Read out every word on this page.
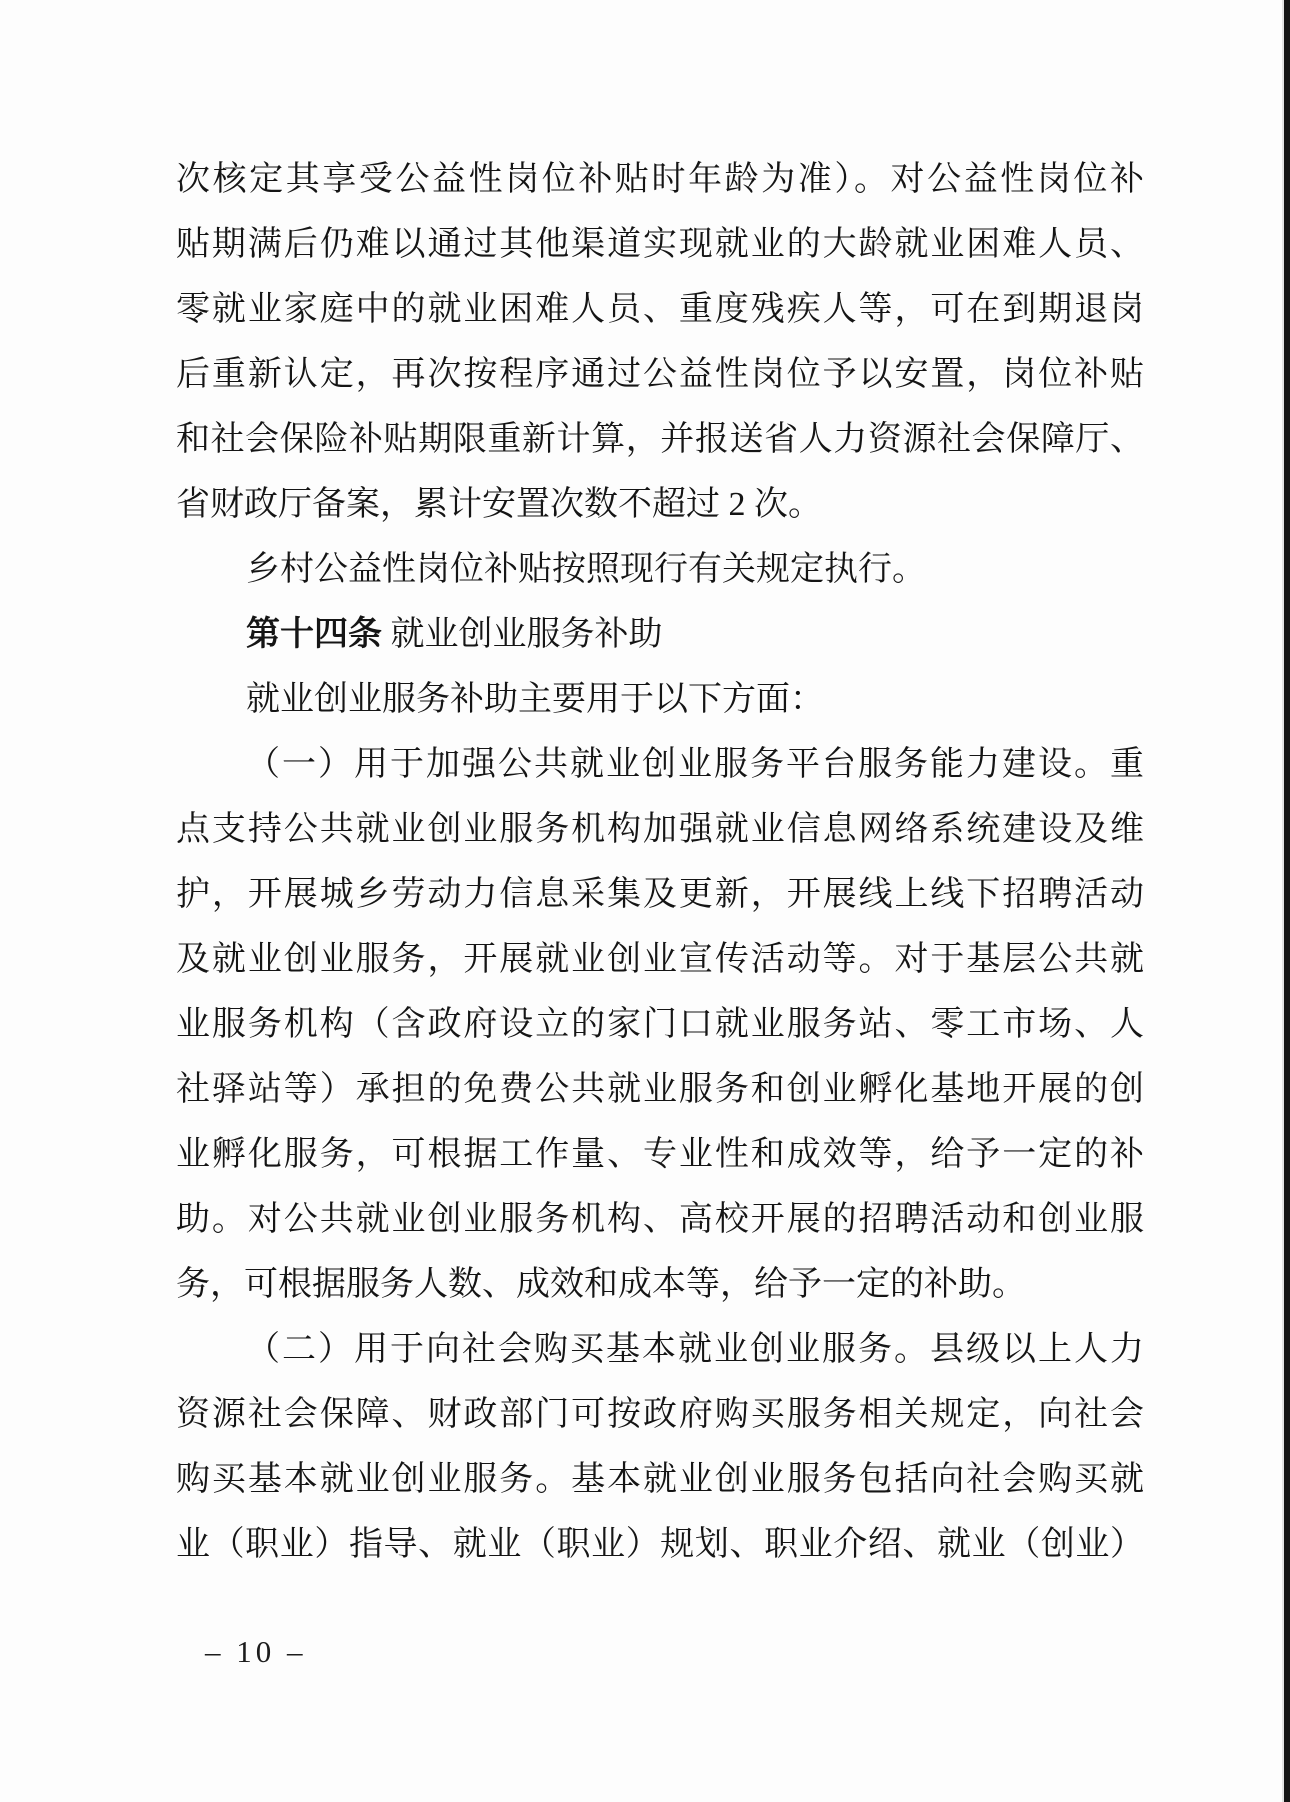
次核定其享受公益性岗位补贴时年龄为准）。对公益性岗位补
贴期满后仍难以通过其他渠道实现就业的大龄就业困难人员、
零就业家庭中的就业困难人员、重度残疾人等，可在到期退岗
后重新认定，再次按程序通过公益性岗位予以安置，岗位补贴
和社会保险补贴期限重新计算，并报送省人力资源社会保障厅、
省财政厅备案，累计安置次数不超过 2 次。
乡村公益性岗位补贴按照现行有关规定执行。
第十四条 就业创业服务补助
就业创业服务补助主要用于以下方面：
（一）用于加强公共就业创业服务平台服务能力建设。重
点支持公共就业创业服务机构加强就业信息网络系统建设及维
护，开展城乡劳动力信息采集及更新，开展线上线下招聘活动
及就业创业服务，开展就业创业宣传活动等。对于基层公共就
业服务机构（含政府设立的家门口就业服务站、零工市场、人
社驿站等）承担的免费公共就业服务和创业孵化基地开展的创
业孵化服务，可根据工作量、专业性和成效等，给予一定的补
助。对公共就业创业服务机构、高校开展的招聘活动和创业服
务，可根据服务人数、成效和成本等，给予一定的补助。
（二）用于向社会购买基本就业创业服务。县级以上人力
资源社会保障、财政部门可按政府购买服务相关规定，向社会
购买基本就业创业服务。基本就业创业服务包括向社会购买就
业（职业）指导、就业（职业）规划、职业介绍、就业（创业）
– 10 –
